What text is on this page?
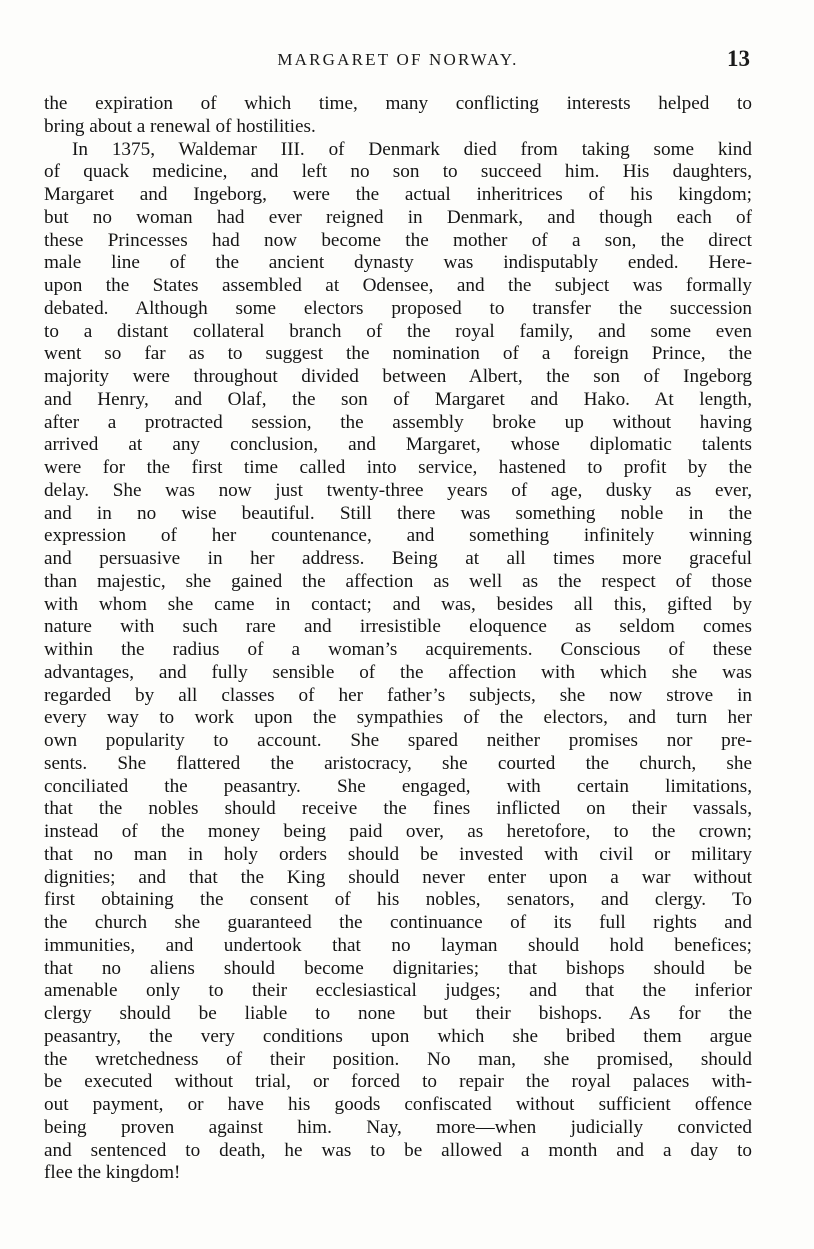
MARGARET OF NORWAY.	13
the expiration of which time, many conflicting interests helped to
bring about a renewal of hostilities.
In 1375, Waldemar III. of Denmark died from taking some kind
of quack medicine, and left no son to succeed him. His daughters,
Margaret and Ingeborg, were the actual inheritrices of his kingdom;
but no woman had ever reigned in Denmark, and though each of
these Princesses had now become the mother of a son, the direct
male line of the ancient dynasty was indisputably ended. Here-
upon the States assembled at Odensee, and the subject was formally
debated. Although some electors proposed to transfer the succession
to a distant collateral branch of the royal family, and some even
went so far as to suggest the nomination of a foreign Prince, the
majority were throughout divided between Albert, the son of Ingeborg
and Henry, and Olaf, the son of Margaret and Hako. At length,
after a protracted session, the assembly broke up without having
arrived at any conclusion, and Margaret, whose diplomatic talents
were for the first time called into service, hastened to profit by the
delay. She was now just twenty-three years of age, dusky as ever,
and in no wise beautiful. Still there was something noble in the
expression of her countenance, and something infinitely winning
and persuasive in her address. Being at all times more graceful
than majestic, she gained the affection as well as the respect of those
with whom she came in contact; and was, besides all this, gifted by
nature with such rare and irresistible eloquence as seldom comes
within the radius of a woman’s acquirements. Conscious of these
advantages, and fully sensible of the affection with which she was
regarded by all classes of her father’s subjects, she now strove in
every way to work upon the sympathies of the electors, and turn her
own popularity to account. She spared neither promises nor pre-
sents. She flattered the aristocracy, she courted the church, she
conciliated the peasantry. She engaged, with certain limitations,
that the nobles should receive the fines inflicted on their vassals,
instead of the money being paid over, as heretofore, to the crown;
that no man in holy orders should be invested with civil or military
dignities; and that the King should never enter upon a war without
first obtaining the consent of his nobles, senators, and clergy. To
the church she guaranteed the continuance of its full rights and
immunities, and undertook that no layman should hold benefices;
that no aliens should become dignitaries; that bishops should be
amenable only to their ecclesiastical judges; and that the inferior
clergy should be liable to none but their bishops. As for the
peasantry, the very conditions upon which she bribed them argue
the wretchedness of their position. No man, she promised, should
be executed without trial, or forced to repair the royal palaces with-
out payment, or have his goods confiscated without sufficient offence
being proven against him. Nay, more—when judicially convicted
and sentenced to death, he was to be allowed a month and a day to
flee the kingdom!
